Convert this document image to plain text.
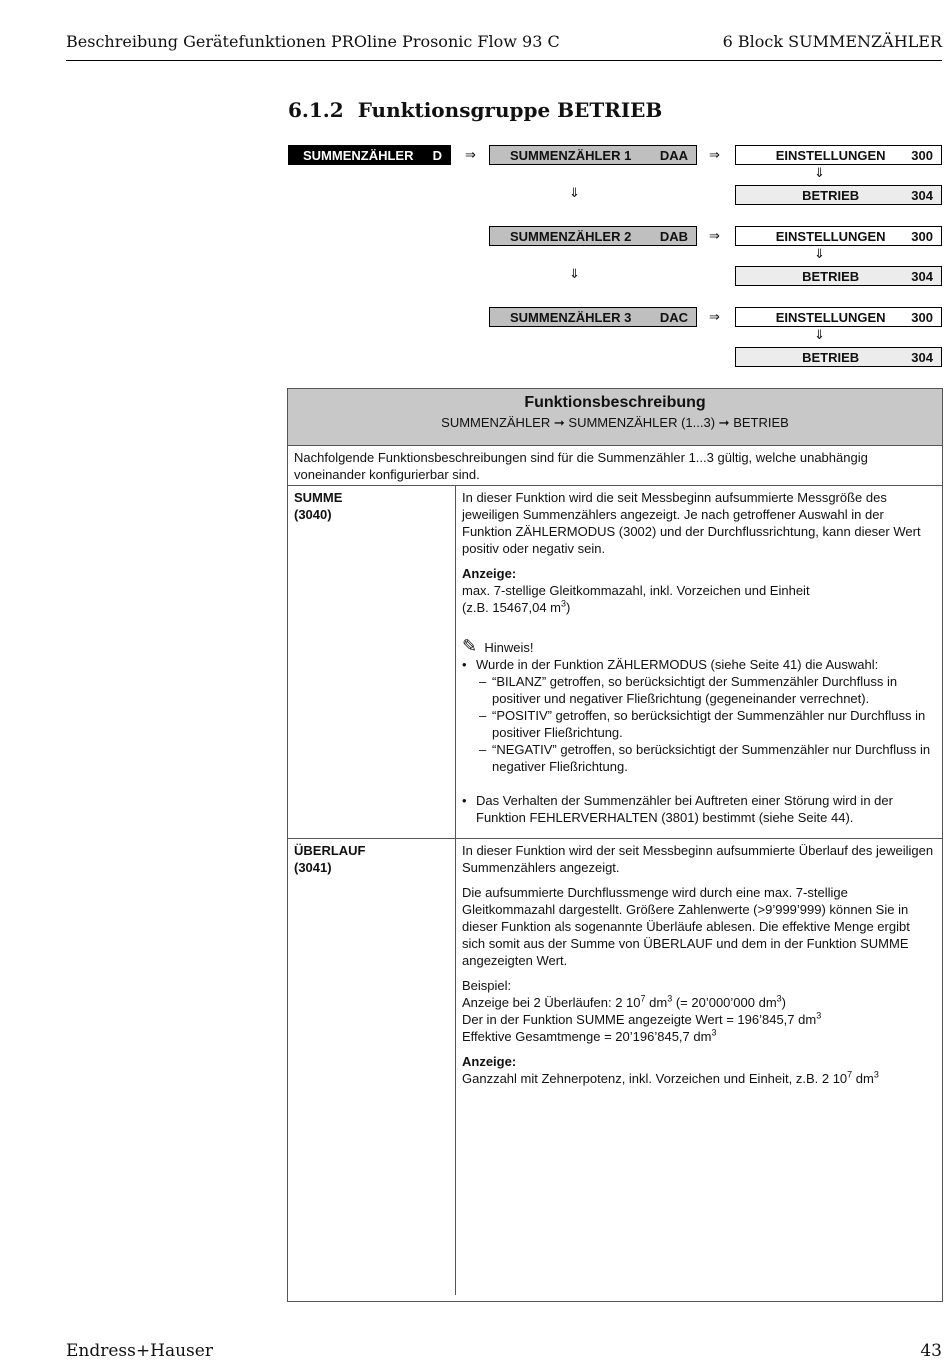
Beschreibung Gerätefunktionen PROline Prosonic Flow 93 C	6 Block SUMMENZÄHLER
6.1.2 Funktionsgruppe BETRIEB
SUMMENZÄHLER	D ⇒	SUMMENZÄHLER 1	DAA ⇒	EINSTELLUNGEN	300
⇓
BETRIEB	304
⇓
SUMMENZÄHLER 2	DAB ⇒	EINSTELLUNGEN	300
⇓
BETRIEB	304
⇓
SUMMENZÄHLER 3	DAC ⇒	EINSTELLUNGEN	300
⇓
BETRIEB	304
Funktionsbeschreibung
SUMMENZÄHLER ➞ SUMMENZÄHLER (1...3) ➞ BETRIEB
Nachfolgende Funktionsbeschreibungen sind für die Summenzähler 1...3 gültig, welche unabhängig voneinander konfigurierbar sind.
SUMME
(3040)

In dieser Funktion wird die seit Messbeginn aufsummierte Messgröße des jeweiligen Summenzählers angezeigt. Je nach getroffener Auswahl in der Funktion ZÄHLERMODUS (3002) und der Durchflussrichtung, kann dieser Wert positiv oder negativ sein.

Anzeige:
max. 7-stellige Gleitkommazahl, inkl. Vorzeichen und Einheit
(z.B. 15467,04 $m^3$)
✎ Hinweis!

• Wurde in der Funktion ZÄHLERMODUS (siehe Seite 41) die Auswahl:

– “BILANZ” getroffen, so berücksichtigt der Summenzähler Durchfluss in positiver und negativer Fließrichtung (gegeneinander verrechnet).

– “POSITIV” getroffen, so berücksichtigt der Summenzähler nur Durchfluss in positiver Fließrichtung.

– “NEGATIV” getroffen, so berücksichtigt der Summenzähler nur Durchfluss in negativer Fließrichtung.

• Das Verhalten der Summenzähler bei Auftreten einer Störung wird in der Funktion FEHLERVERHALTEN (3801) bestimmt (siehe Seite 44).

ÜBERLAUF
(3041)

In dieser Funktion wird der seit Messbeginn aufsummierte Überlauf des jeweiligen Summenzählers angezeigt.

Die aufsummierte Durchflussmenge wird durch eine max. 7-stellige Gleitkommazahl dargestellt. Größere Zahlenwerte (>9’999’999) können Sie in dieser Funktion als sogenannte Überläufe ablesen. Die effektive Menge ergibt sich somit aus der Summe von ÜBERLAUF und dem in der Funktion SUMME angezeigten Wert.

Beispiel:
Anzeige bei 2 Überläufen: 2 $10^7$ $dm^3$ (= 20’000’000 $dm^3$)
Der in der Funktion SUMME angezeigte Wert = 196’845,7 $dm^3$
Effektive Gesamtmenge = 20’196’845,7 $dm^3$
Anzeige:
Ganzzahl mit Zehnerpotenz, inkl. Vorzeichen und Einheit, z.B. 2 $10^7$ $dm^3$
Endress+Hauser	43
